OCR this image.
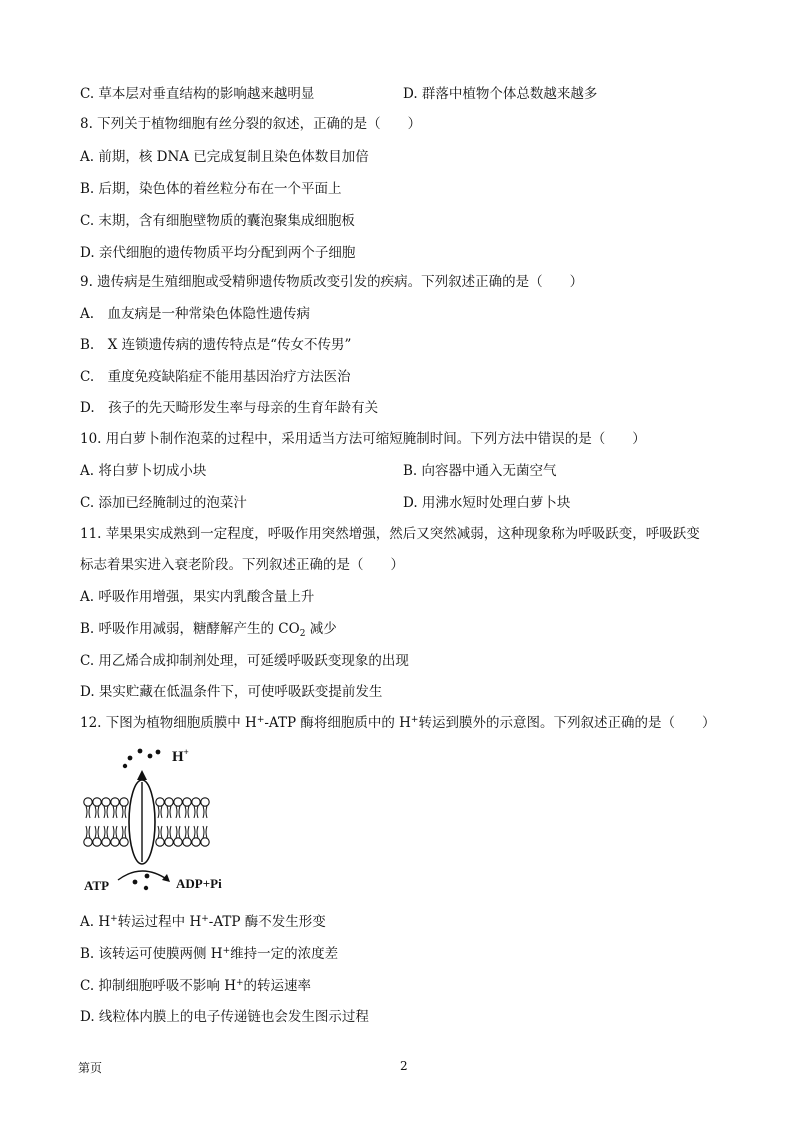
C. 草本层对垂直结构的影响越来越明显	D. 群落中植物个体总数越来越多
8. 下列关于植物细胞有丝分裂的叙述，正确的是（　　）
A. 前期，核 DNA 已完成复制且染色体数目加倍
B. 后期，染色体的着丝粒分布在一个平面上
C. 末期，含有细胞壁物质的囊泡聚集成细胞板
D. 亲代细胞的遗传物质平均分配到两个子细胞
9. 遗传病是生殖细胞或受精卵遗传物质改变引发的疾病。下列叙述正确的是（　　）
A.　血友病是一种常染色体隐性遗传病
B.　X 连锁遗传病的遗传特点是“传女不传男”
C.　重度免疫缺陷症不能用基因治疗方法医治
D.　孩子的先天畸形发生率与母亲的生育年龄有关
10. 用白萝卜制作泡菜的过程中，采用适当方法可缩短腌制时间。下列方法中错误的是（　　）
A. 将白萝卜切成小块	B. 向容器中通入无菌空气
C. 添加已经腌制过的泡菜汁	D. 用沸水短时处理白萝卜块
11. 苹果果实成熟到一定程度，呼吸作用突然增强，然后又突然减弱，这种现象称为呼吸跃变，呼吸跃变
标志着果实进入衰老阶段。下列叙述正确的是（　　）
A. 呼吸作用增强，果实内乳酸含量上升
B. 呼吸作用减弱，糖酵解产生的 $CO_2$ 减少
C. 用乙烯合成抑制剂处理，可延缓呼吸跃变现象的出现
D. 果实贮藏在低温条件下，可使呼吸跃变提前发生
12. 下图为植物细胞质膜中 H+-ATP 酶将细胞质中的 H+转运到膜外的示意图。下列叙述正确的是（　　）
H+
ATP	ADP+Pi
A. H+转运过程中 H+-ATP 酶不发生形变
B. 该转运可使膜两侧 H+维持一定的浓度差
C. 抑制细胞呼吸不影响 H+的转运速率
D. 线粒体内膜上的电子传递链也会发生图示过程
第页	2
